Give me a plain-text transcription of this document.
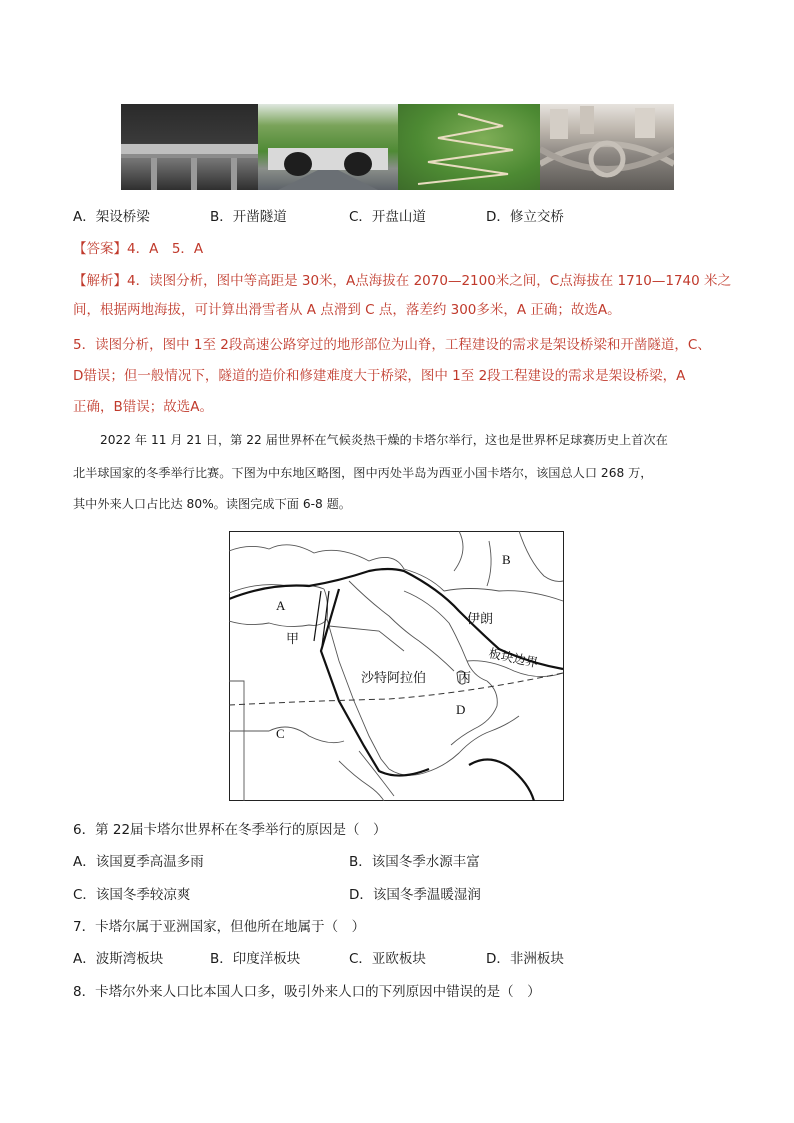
A．架设桥梁	B．开凿隧道	C．开盘山道	D．修立交桥
【答案】4．A　5．A
【解析】4．读图分析，图中等高距是 30米，A点海拔在 2070—2100米之间，C点海拔在 1710—1740 米之
间，根据两地海拔，可计算出滑雪者从 A 点滑到 C 点，落差约 300多米，A 正确；故选A。
5．读图分析，图中 1至 2段高速公路穿过的地形部位为山脊，工程建设的需求是架设桥梁和开凿隧道，C、
D错误；但一般情况下，隧道的造价和修建难度大于桥梁，图中 1至 2段工程建设的需求是架设桥梁，A
正确，B错误；故选A。
2022 年 11 月 21 日，第 22 届世界杯在气候炎热干燥的卡塔尔举行，这也是世界杯足球赛历史上首次在
北半球国家的冬季举行比赛。下图为中东地区略图，图中丙处半岛为西亚小国卡塔尔，该国总人口 268 万，
其中外来人口占比达 80%。读图完成下面 6-8 题。
A
B
C
D
甲
丙
伊朗
沙特阿拉伯
板块边界
6．第 22届卡塔尔世界杯在冬季举行的原因是（　）
A．该国夏季高温多雨	B．该国冬季水源丰富
C．该国冬季较凉爽	D．该国冬季温暖湿润
7．卡塔尔属于亚洲国家，但他所在地属于（　）
A．波斯湾板块	B．印度洋板块	C．亚欧板块	D．非洲板块
8．卡塔尔外来人口比本国人口多，吸引外来人口的下列原因中错误的是（　）
